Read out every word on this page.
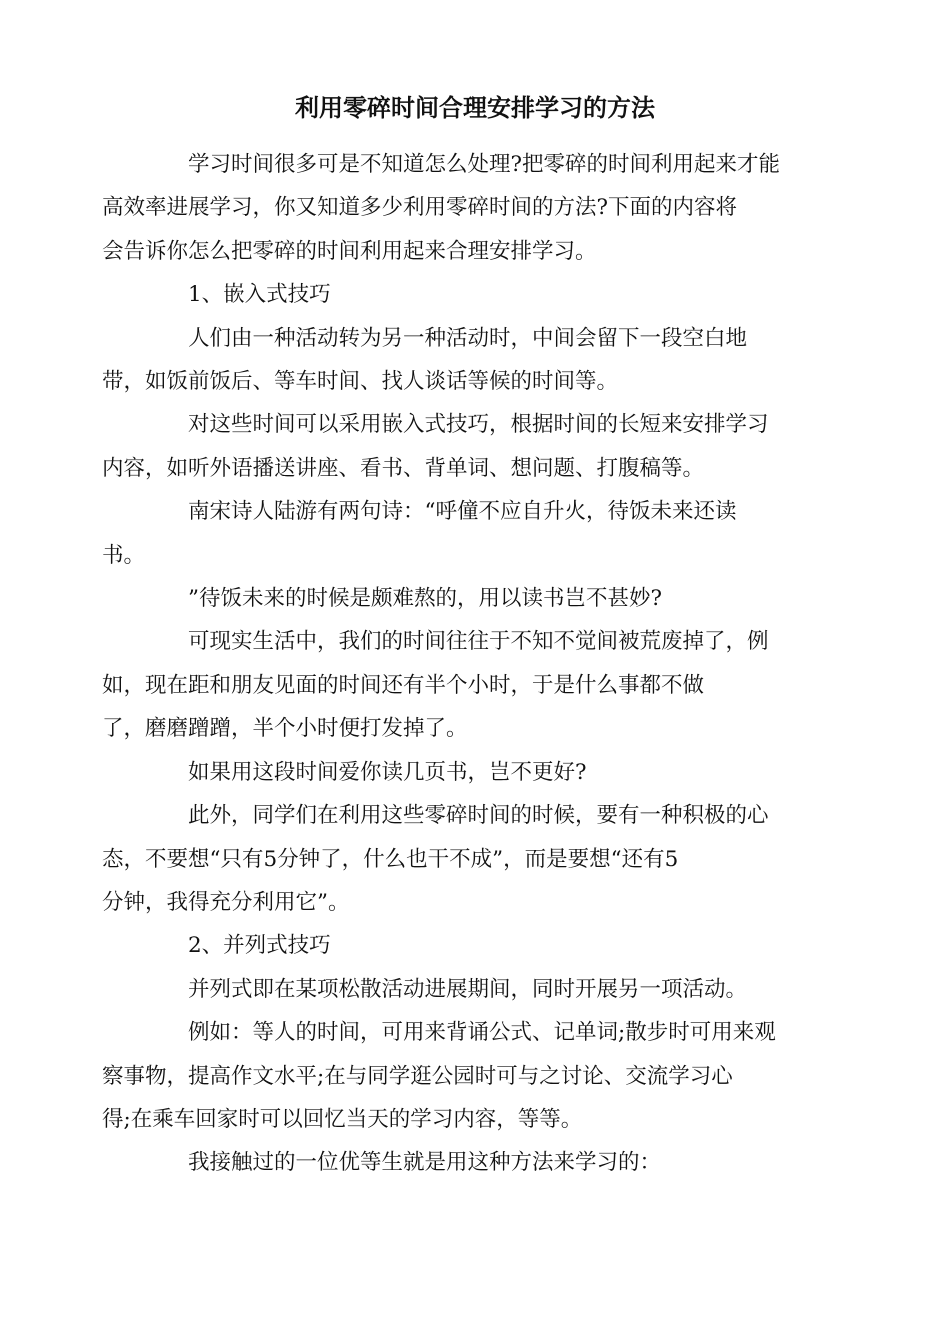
利用零碎时间合理安排学习的方法

学习时间很多可是不知道怎么处理?把零碎的时间利用起来才能
高效率进展学习，你又知道多少利用零碎时间的方法?下面的内容将
会告诉你怎么把零碎的时间利用起来合理安排学习。

1、嵌入式技巧

人们由一种活动转为另一种活动时，中间会留下一段空白地
带，如饭前饭后、等车时间、找人谈话等候的时间等。

对这些时间可以采用嵌入式技巧，根据时间的长短来安排学习
内容，如听外语播送讲座、看书、背单词、想问题、打腹稿等。

南宋诗人陆游有两句诗：“呼僮不应自升火，待饭未来还读
书。

”待饭未来的时候是颇难熬的，用以读书岂不甚妙?

可现实生活中，我们的时间往往于不知不觉间被荒废掉了，例
如，现在距和朋友见面的时间还有半个小时，于是什么事都不做
了，磨磨蹭蹭，半个小时便打发掉了。

如果用这段时间爱你读几页书，岂不更好?

此外，同学们在利用这些零碎时间的时候，要有一种积极的心
态，不要想“只有5分钟了，什么也干不成”，而是要想“还有5
分钟，我得充分利用它”。

2、并列式技巧

并列式即在某项松散活动进展期间，同时开展另一项活动。

例如：等人的时间，可用来背诵公式、记单词;散步时可用来观
察事物，提高作文水平;在与同学逛公园时可与之讨论、交流学习心
得;在乘车回家时可以回忆当天的学习内容，等等。

我接触过的一位优等生就是用这种方法来学习的：
